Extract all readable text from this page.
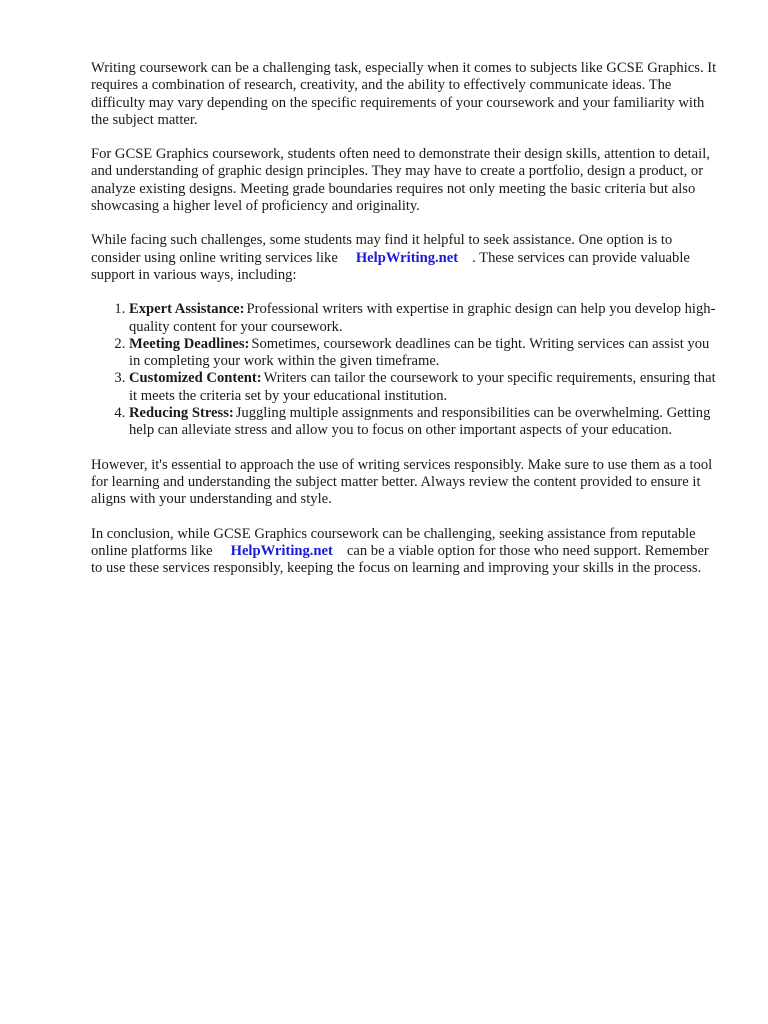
Writing coursework can be a challenging task, especially when it comes to subjects like GCSE Graphics. It requires a combination of research, creativity, and the ability to effectively communicate ideas. The difficulty may vary depending on the specific requirements of your coursework and your familiarity with the subject matter.

For GCSE Graphics coursework, students often need to demonstrate their design skills, attention to detail, and understanding of graphic design principles. They may have to create a portfolio, design a product, or analyze existing designs. Meeting grade boundaries requires not only meeting the basic criteria but also showcasing a higher level of proficiency and originality.

While facing such challenges, some students may find it helpful to seek assistance. One option is to consider using online writing services like HelpWriting.net . These services can provide valuable support in various ways, including:

1. Expert Assistance: Professional writers with expertise in graphic design can help you develop high-quality content for your coursework.
2. Meeting Deadlines: Sometimes, coursework deadlines can be tight. Writing services can assist you in completing your work within the given timeframe.
3. Customized Content: Writers can tailor the coursework to your specific requirements, ensuring that it meets the criteria set by your educational institution.
4. Reducing Stress: Juggling multiple assignments and responsibilities can be overwhelming. Getting help can alleviate stress and allow you to focus on other important aspects of your education.

However, it's essential to approach the use of writing services responsibly. Make sure to use them as a tool for learning and understanding the subject matter better. Always review the content provided to ensure it aligns with your understanding and style.

In conclusion, while GCSE Graphics coursework can be challenging, seeking assistance from reputable online platforms like HelpWriting.net can be a viable option for those who need support. Remember to use these services responsibly, keeping the focus on learning and improving your skills in the process.
